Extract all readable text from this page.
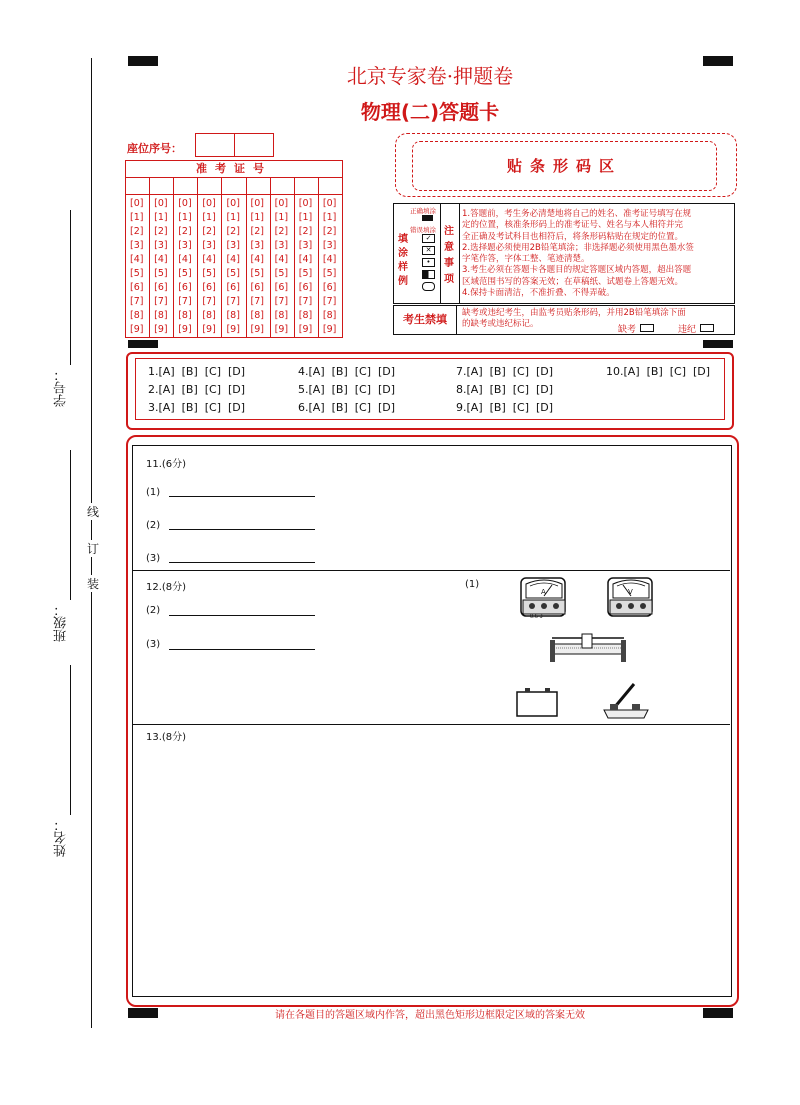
北京专家卷·押题卷
物理(二)答题卡
学号：
班级：
姓名：
线
订
装
座位序号：
准考证号
[0]
[1]
[2]
[3]
[4]
[5]
[6]
[7]
[8]
[9]
[0]
[1]
[2]
[3]
[4]
[5]
[6]
[7]
[8]
[9]
[0]
[1]
[2]
[3]
[4]
[5]
[6]
[7]
[8]
[9]
[0]
[1]
[2]
[3]
[4]
[5]
[6]
[7]
[8]
[9]
[0]
[1]
[2]
[3]
[4]
[5]
[6]
[7]
[8]
[9]
[0]
[1]
[2]
[3]
[4]
[5]
[6]
[7]
[8]
[9]
[0]
[1]
[2]
[3]
[4]
[5]
[6]
[7]
[8]
[9]
[0]
[1]
[2]
[3]
[4]
[5]
[6]
[7]
[8]
[9]
[0]
[1]
[2]
[3]
[4]
[5]
[6]
[7]
[8]
[9]
贴条形码区
正确填涂
错误填涂
填
涂
样
例
✓
✕
•
注
意
事
项
1.答题前，考生务必清楚地将自己的姓名、准考证号填写在规
定的位置，核准条形码上的准考证号、姓名与本人相符并完
全正确及考试科目也相符后，将条形码粘贴在规定的位置。
2.选择题必须使用2B铅笔填涂；非选择题必须使用黑色墨水签
字笔作答，字体工整、笔迹清楚。
3.考生必须在答题卡各题目的规定答题区域内答题，超出答题
区域范围书写的答案无效；在草稿纸、试题卷上答题无效。
4.保持卡面清洁，不准折叠、不得弄破。
考生禁填	缺考或违纪考生，由监考员贴条形码，并用2B铅笔填涂下面
的缺考或违纪标记。
缺考	违纪
1.[A]  [B]  [C]  [D]
2.[A]  [B]  [C]  [D]
3.[A]  [B]  [C]  [D]
4.[A]  [B]  [C]  [D]
5.[A]  [B]  [C]  [D]
6.[A]  [B]  [C]  [D]
7.[A]  [B]  [C]  [D]
8.[A]  [B]  [C]  [D]
9.[A]  [B]  [C]  [D]
10.[A]  [B]  [C]  [D]
11.(6分)
(1)
(2)
(3)
12.(8分)
(2)
(3)
(1)
A
0.6 3
V
13.(8分)
请在各题目的答题区域内作答，超出黑色矩形边框限定区域的答案无效
